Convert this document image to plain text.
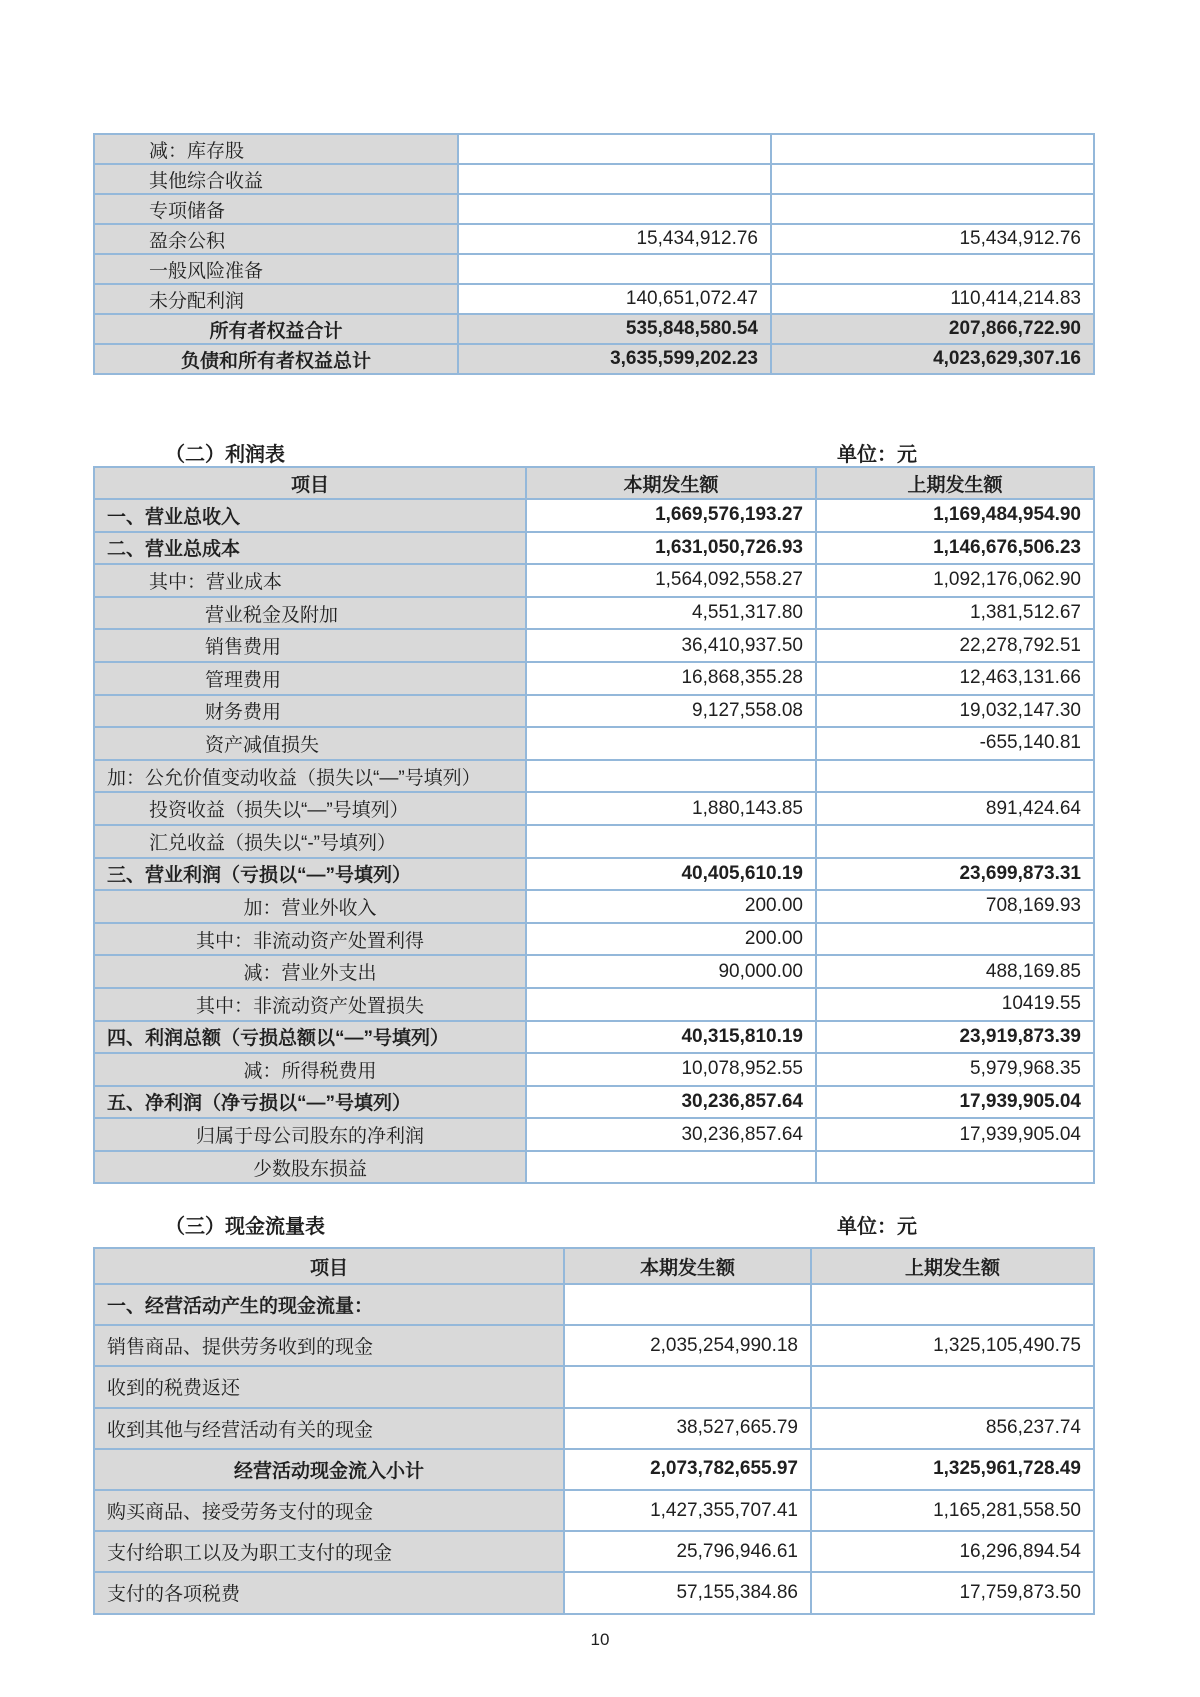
减：库存股		
其他综合收益		
专项储备		
盈余公积	15,434,912.76	15,434,912.76
一般风险准备		
未分配利润	140,651,072.47	110,414,214.83
所有者权益合计	535,848,580.54	207,866,722.90
负债和所有者权益总计	3,635,599,202.23	4,023,629,307.16
（二）利润表	单位：元
项目	本期发生额	上期发生额
一、营业总收入	1,669,576,193.27	1,169,484,954.90
二、营业总成本	1,631,050,726.93	1,146,676,506.23
其中：营业成本	1,564,092,558.27	1,092,176,062.90
营业税金及附加	4,551,317.80	1,381,512.67
销售费用	36,410,937.50	22,278,792.51
管理费用	16,868,355.28	12,463,131.66
财务费用	9,127,558.08	19,032,147.30
资产减值损失		-655,140.81
加：公允价值变动收益（损失以“—”号填列）		
投资收益（损失以“—”号填列）	1,880,143.85	891,424.64
汇兑收益（损失以“-”号填列）		
三、营业利润（亏损以“—”号填列）	40,405,610.19	23,699,873.31
加：营业外收入	200.00	708,169.93
其中：非流动资产处置利得	200.00	
减：营业外支出	90,000.00	488,169.85
其中：非流动资产处置损失		10419.55
四、利润总额（亏损总额以“—”号填列）	40,315,810.19	23,919,873.39
减：所得税费用	10,078,952.55	5,979,968.35
五、净利润（净亏损以“—”号填列）	30,236,857.64	17,939,905.04
归属于母公司股东的净利润	30,236,857.64	17,939,905.04
少数股东损益		
（三）现金流量表	单位：元
项目	本期发生额	上期发生额
一、经营活动产生的现金流量：		
销售商品、提供劳务收到的现金	2,035,254,990.18	1,325,105,490.75
收到的税费返还		
收到其他与经营活动有关的现金	38,527,665.79	856,237.74
经营活动现金流入小计	2,073,782,655.97	1,325,961,728.49
购买商品、接受劳务支付的现金	1,427,355,707.41	1,165,281,558.50
支付给职工以及为职工支付的现金	25,796,946.61	16,296,894.54
支付的各项税费	57,155,384.86	17,759,873.50
10
